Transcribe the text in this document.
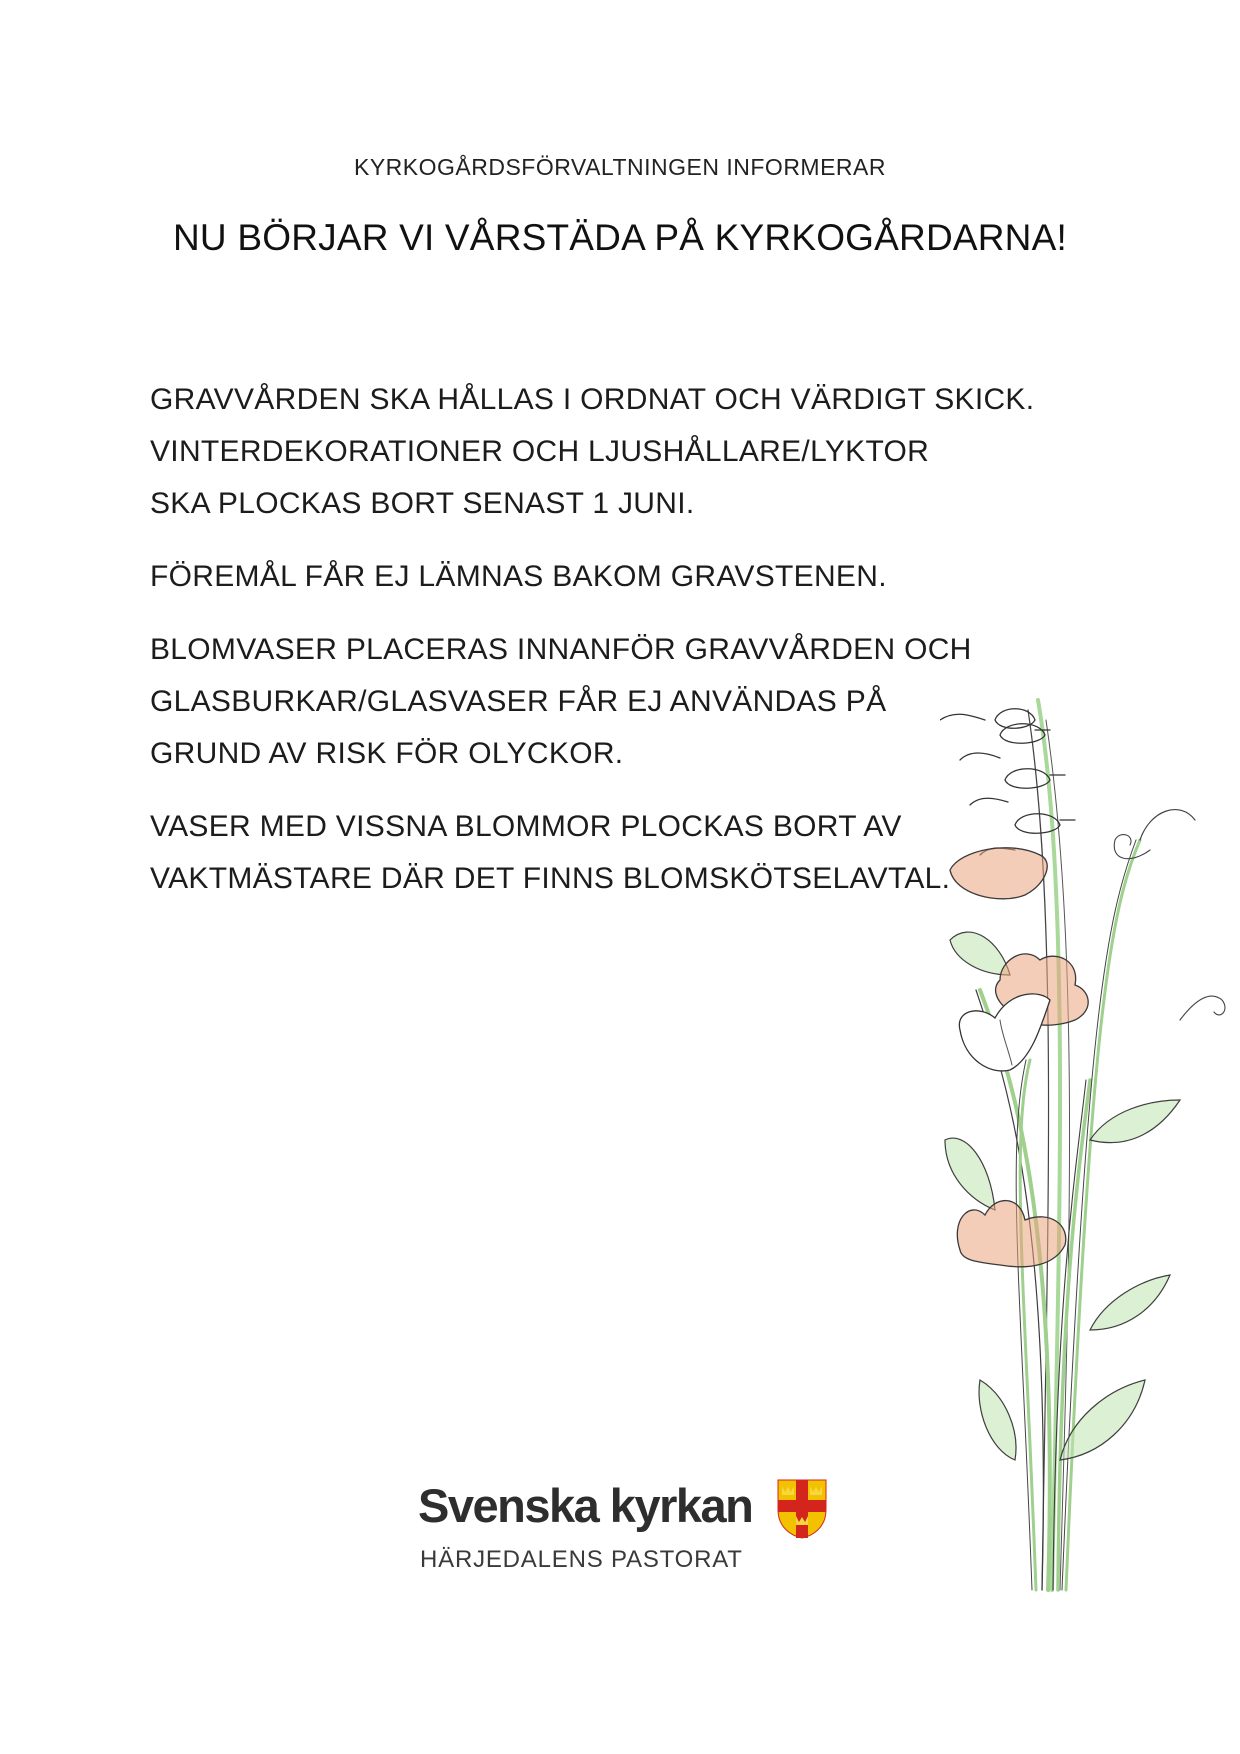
KYRKOGÅRDSFÖRVALTNINGEN INFORMERAR
NU BÖRJAR VI VÅRSTÄDA PÅ KYRKOGÅRDARNA!

GRAVVÅRDEN SKA HÅLLAS I ORDNAT OCH VÄRDIGT SKICK.
VINTERDEKORATIONER OCH LJUSHÅLLARE/LYKTOR
SKA PLOCKAS BORT SENAST 1 JUNI.

FÖREMÅL FÅR EJ LÄMNAS BAKOM GRAVSTENEN.

BLOMVASER PLACERAS INNANFÖR GRAVVÅRDEN OCH
GLASBURKAR/GLASVASER FÅR EJ ANVÄNDAS PÅ
GRUND AV RISK FÖR OLYCKOR.

VASER MED VISSNA BLOMMOR PLOCKAS BORT AV
VAKTMÄSTARE DÄR DET FINNS BLOMSKÖTSELAVTAL.

Svenska kyrkan
HÄRJEDALENS PASTORAT
